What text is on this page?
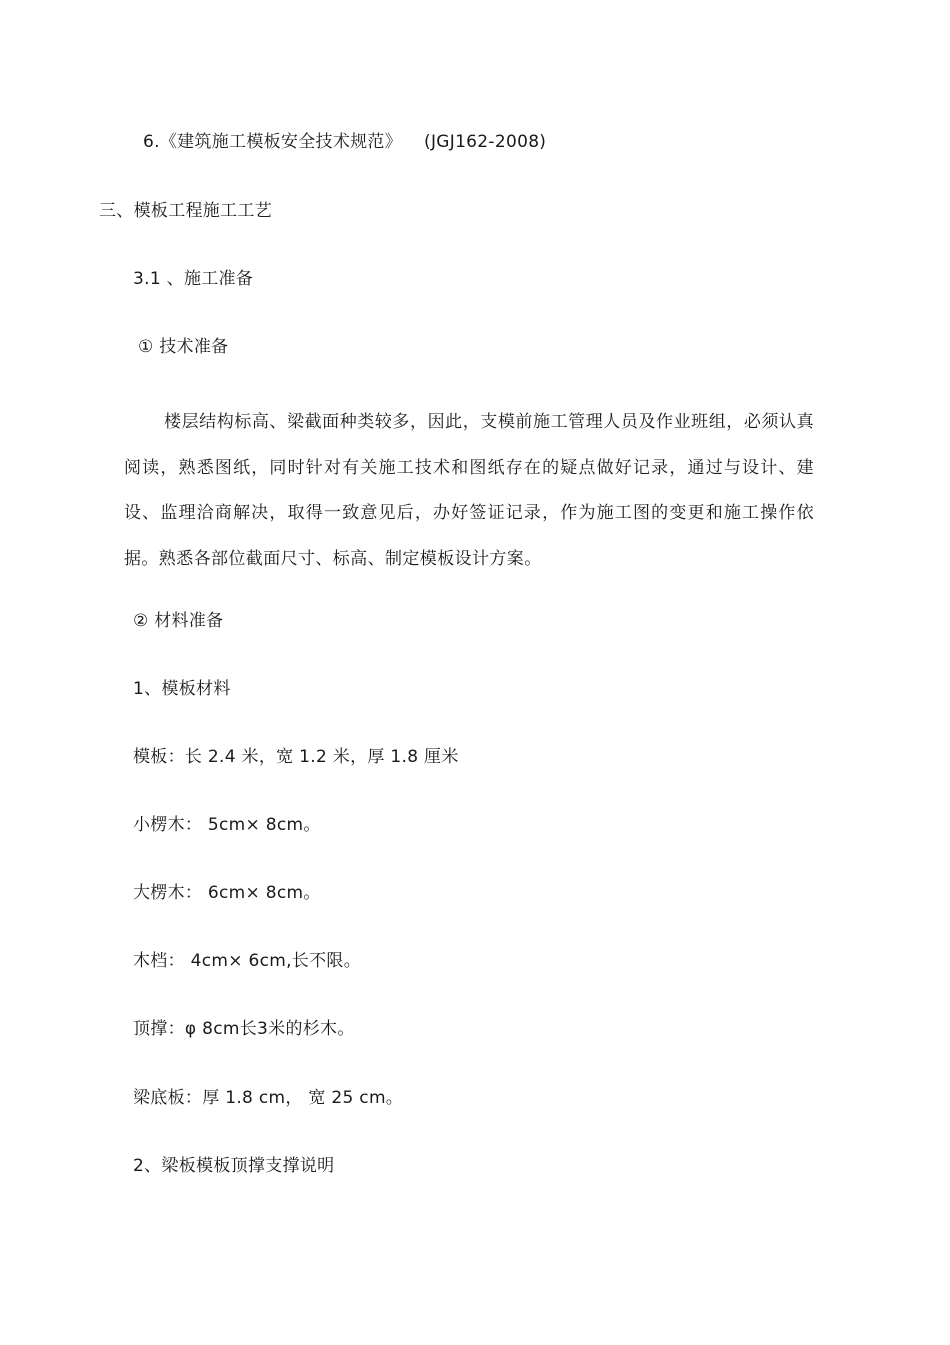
6.《建筑施工模板安全技术规范》 (JGJ162-2008)
三、模板工程施工工艺
3.1 、施工准备
① 技术准备
楼层结构标高、梁截面种类较多，因此，支模前施工管理人员及作业班组，必须认真阅读，熟悉图纸，同时针对有关施工技术和图纸存在的疑点做好记录，通过与设计、建设、监理洽商解决，取得一致意见后，办好签证记录，作为施工图的变更和施工操作依据。熟悉各部位截面尺寸、标高、制定模板设计方案。
② 材料准备
1、模板材料
模板：长 2.4 米，宽 1.2 米，厚 1.8 厘米
小楞木： 5cm× 8cm。
大楞木： 6cm× 8cm。
木档： 4cm× 6cm,长不限。
顶撑：φ 8cm长3米的杉木。
梁底板：厚 1.8 cm， 宽 25 cm。
2、梁板模板顶撑支撑说明
